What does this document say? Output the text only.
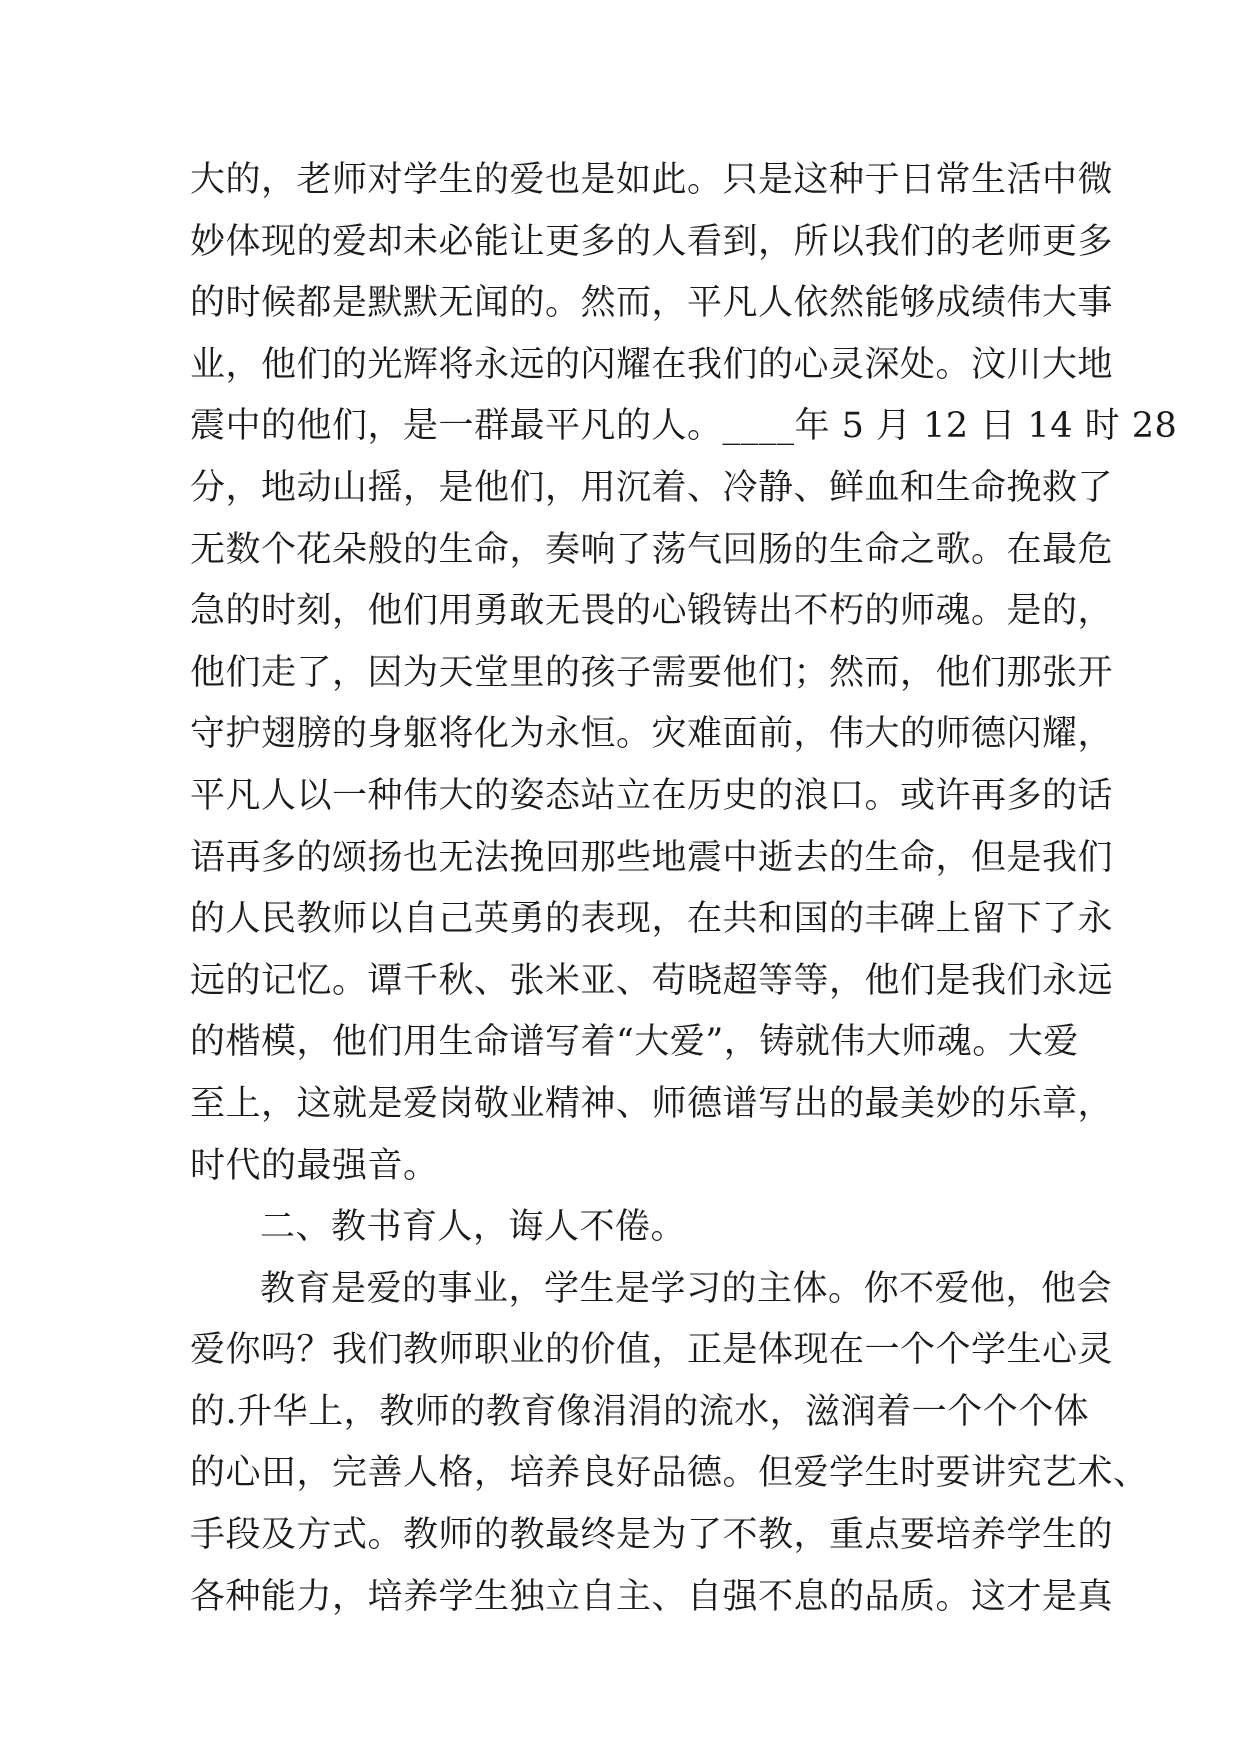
大的，老师对学生的爱也是如此。只是这种于日常生活中微
妙体现的爱却未必能让更多的人看到，所以我们的老师更多
的时候都是默默无闻的。然而，平凡人依然能够成绩伟大事
业，他们的光辉将永远的闪耀在我们的心灵深处。汶川大地
震中的他们，是一群最平凡的人。____年 5 月 12 日 14 时 28
分，地动山摇，是他们，用沉着、冷静、鲜血和生命挽救了
无数个花朵般的生命，奏响了荡气回肠的生命之歌。在最危
急的时刻，他们用勇敢无畏的心锻铸出不朽的师魂。是的，
他们走了，因为天堂里的孩子需要他们；然而，他们那张开
守护翅膀的身躯将化为永恒。灾难面前，伟大的师德闪耀，
平凡人以一种伟大的姿态站立在历史的浪口。或许再多的话
语再多的颂扬也无法挽回那些地震中逝去的生命，但是我们
的人民教师以自己英勇的表现，在共和国的丰碑上留下了永
远的记忆。谭千秋、张米亚、苟晓超等等，他们是我们永远
的楷模，他们用生命谱写着“大爱”，铸就伟大师魂。大爱
至上，这就是爱岗敬业精神、师德谱写出的最美妙的乐章，
时代的最强音。
二、教书育人，诲人不倦。
教育是爱的事业，学生是学习的主体。你不爱他，他会
爱你吗？我们教师职业的价值，正是体现在一个个学生心灵
的.升华上，教师的教育像涓涓的流水，滋润着一个个个体
的心田，完善人格，培养良好品德。但爱学生时要讲究艺术、
手段及方式。教师的教最终是为了不教，重点要培养学生的
各种能力，培养学生独立自主、自强不息的品质。这才是真
